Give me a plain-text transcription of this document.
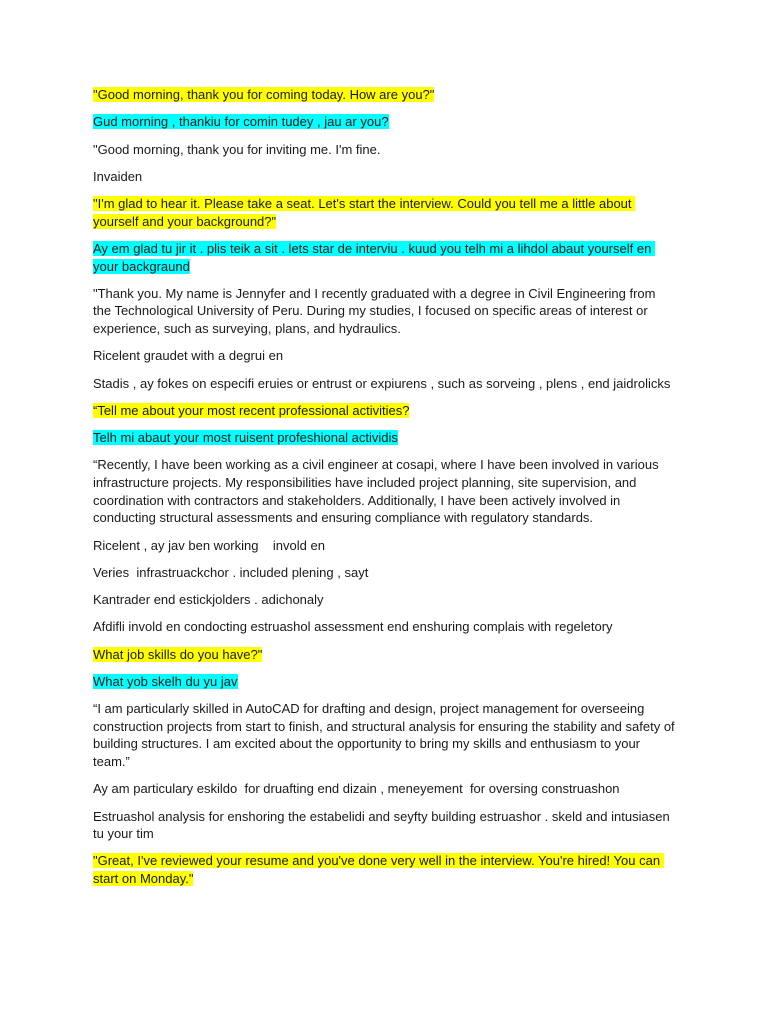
"Good morning, thank you for coming today. How are you?"

Gud morning , thankiu for comin tudey , jau ar you?

"Good morning, thank you for inviting me. I'm fine.

Invaiden

"I'm glad to hear it. Please take a seat. Let's start the interview. Could you tell me a little about yourself and your background?"

Ay em glad tu jir it . plis teik a sit . lets star de interviu . kuud you telh mi a lihdol abaut yourself en your backgraund

"Thank you. My name is Jennyfer and I recently graduated with a degree in Civil Engineering from the Technological University of Peru. During my studies, I focused on specific areas of interest or experience, such as surveying, plans, and hydraulics.

Ricelent graudet with a degrui en

Stadis , ay fokes on especifi eruies or entrust or expiurens , such as sorveing , plens , end jaidrolicks

“Tell me about your most recent professional activities?

Telh mi abaut your most ruisent profeshional actividis

“Recently, I have been working as a civil engineer at cosapi, where I have been involved in various infrastructure projects. My responsibilities have included project planning, site supervision, and coordination with contractors and stakeholders. Additionally, I have been actively involved in conducting structural assessments and ensuring compliance with regulatory standards.

Ricelent , ay jav ben working    invold en

Veries  infrastruackchor . included plening , sayt

Kantrader end estickjolders . adichonaly

Afdifli invold en condocting estruashol assessment end enshuring complais with regeletory

What job skills do you have?"

What yob skelh du yu jav

“I am particularly skilled in AutoCAD for drafting and design, project management for overseeing construction projects from start to finish, and structural analysis for ensuring the stability and safety of building structures. I am excited about the opportunity to bring my skills and enthusiasm to your team.”

Ay am particulary eskildo  for druafting end dizain , meneyement  for oversing construashon

Estruashol analysis for enshoring the estabelidi and seyfty building estruashor . skeld and intusiasen tu your tim

"Great, I've reviewed your resume and you've done very well in the interview. You're hired! You can start on Monday."
